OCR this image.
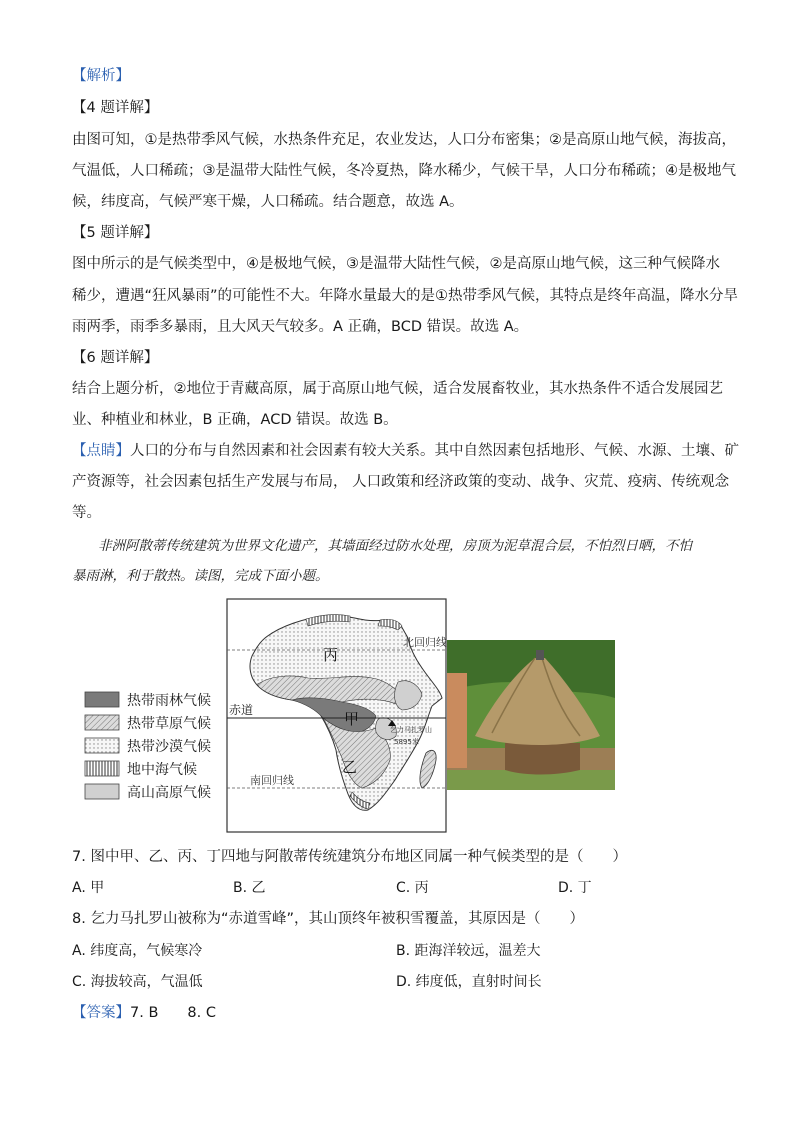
【解析】
【4 题详解】
由图可知，①是热带季风气候，水热条件充足，农业发达，人口分布密集；②是高原山地气候，海拔高，
气温低，人口稀疏；③是温带大陆性气候，冬冷夏热，降水稀少，气候干旱，人口分布稀疏；④是极地气
候，纬度高，气候严寒干燥，人口稀疏。结合题意，故选 A。
【5 题详解】
图中所示的是气候类型中，④是极地气候，③是温带大陆性气候，②是高原山地气候，这三种气候降水
稀少，遭遇“狂风暴雨”的可能性不大。年降水量最大的是①热带季风气候，其特点是终年高温，降水分旱
雨两季，雨季多暴雨，且大风天气较多。A 正确，BCD 错误。故选 A。
【6 题详解】
结合上题分析，②地位于青藏高原，属于高原山地气候，适合发展畜牧业，其水热条件不适合发展园艺
业、种植业和林业，B 正确，ACD 错误。故选 B。
【点睛】人口的分布与自然因素和社会因素有较大关系。其中自然因素包括地形、气候、水源、土壤、矿
产资源等，社会因素包括生产发展与布局， 人口政策和经济政策的变动、战争、灾荒、疫病、传统观念
等。
非洲阿散蒂传统建筑为世界文化遗产，其墙面经过防水处理，房顶为泥草混合层，不怕烈日晒，不怕
暴雨淋，利于散热。读图，完成下面小题。
热带雨林气候
热带草原气候
热带沙漠气候
地中海气候
高山高原气候
北回归线
赤道
南回归线
丙
甲
乙
乞力马扎罗山
5895米
7. 图中甲、乙、丙、丁四地与阿散蒂传统建筑分布地区同属一种气候类型的是（　　）
A. 甲	B. 乙	C. 丙	D. 丁
8. 乞力马扎罗山被称为“赤道雪峰”，其山顶终年被积雪覆盖，其原因是（　　）
A. 纬度高，气候寒冷	B. 距海洋较远，温差大
C. 海拔较高，气温低	D. 纬度低，直射时间长
【答案】7. B　　8. C
